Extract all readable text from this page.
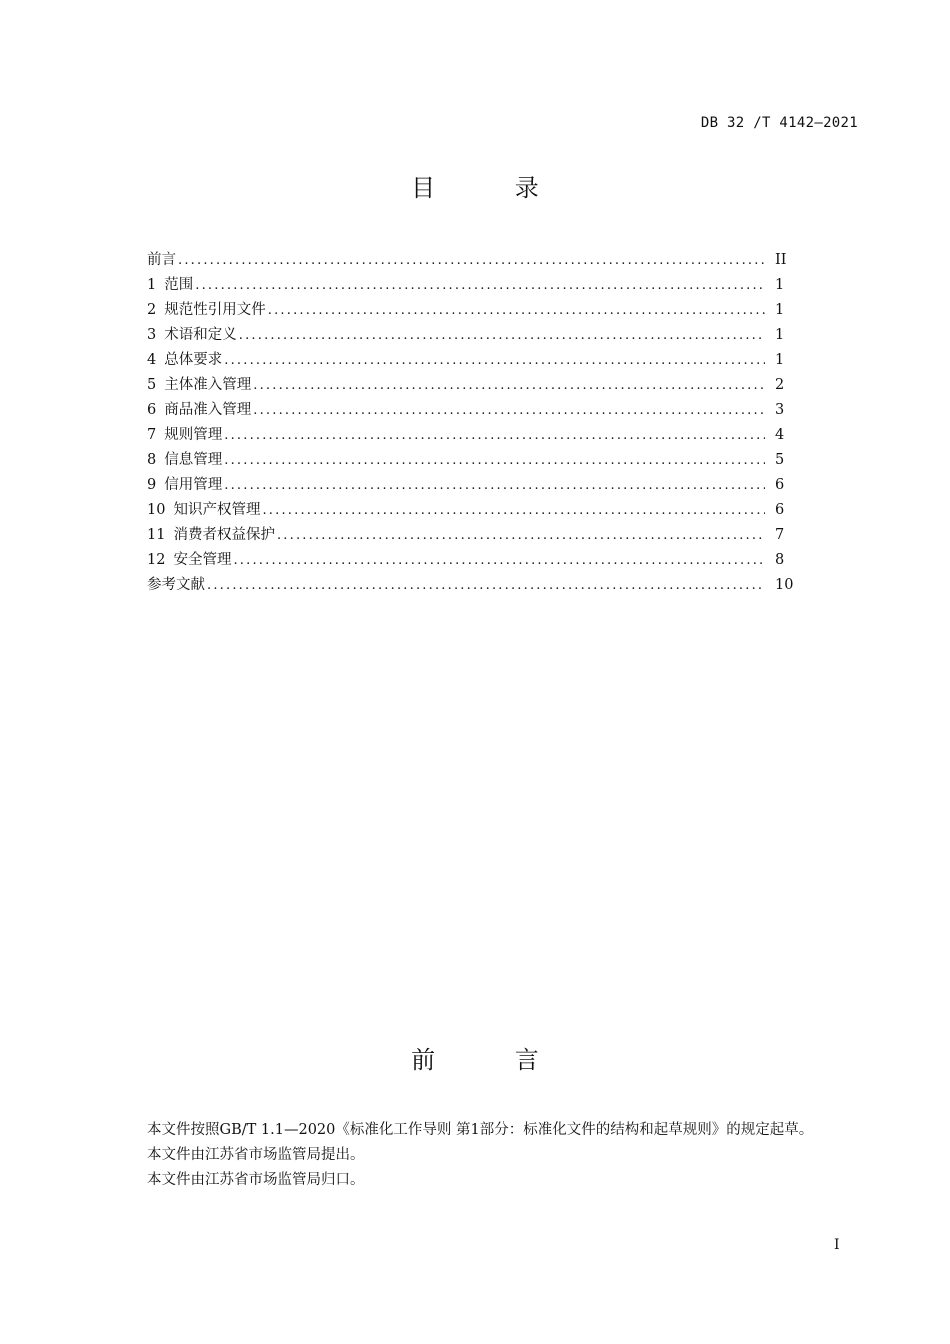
DB 32 /T 4142—2021
目 录
前言 .....	II
1 范围 .....	1
2 规范性引用文件 .....	1
3 术语和定义 .....	1
4 总体要求 .....	1
5 主体准入管理 .....	2
6 商品准入管理 .....	3
7 规则管理 .....	4
8 信息管理 .....	5
9 信用管理 .....	6
10 知识产权管理 .....	6
11 消费者权益保护 .....	7
12 安全管理 .....	8
参考文献 .....	10
前 言

本文件按照GB/T 1.1—2020《标准化工作导则 第1部分：标准化文件的结构和起草规则》的规定起草。

本文件由江苏省市场监管局提出。

本文件由江苏省市场监管局归口。

I
